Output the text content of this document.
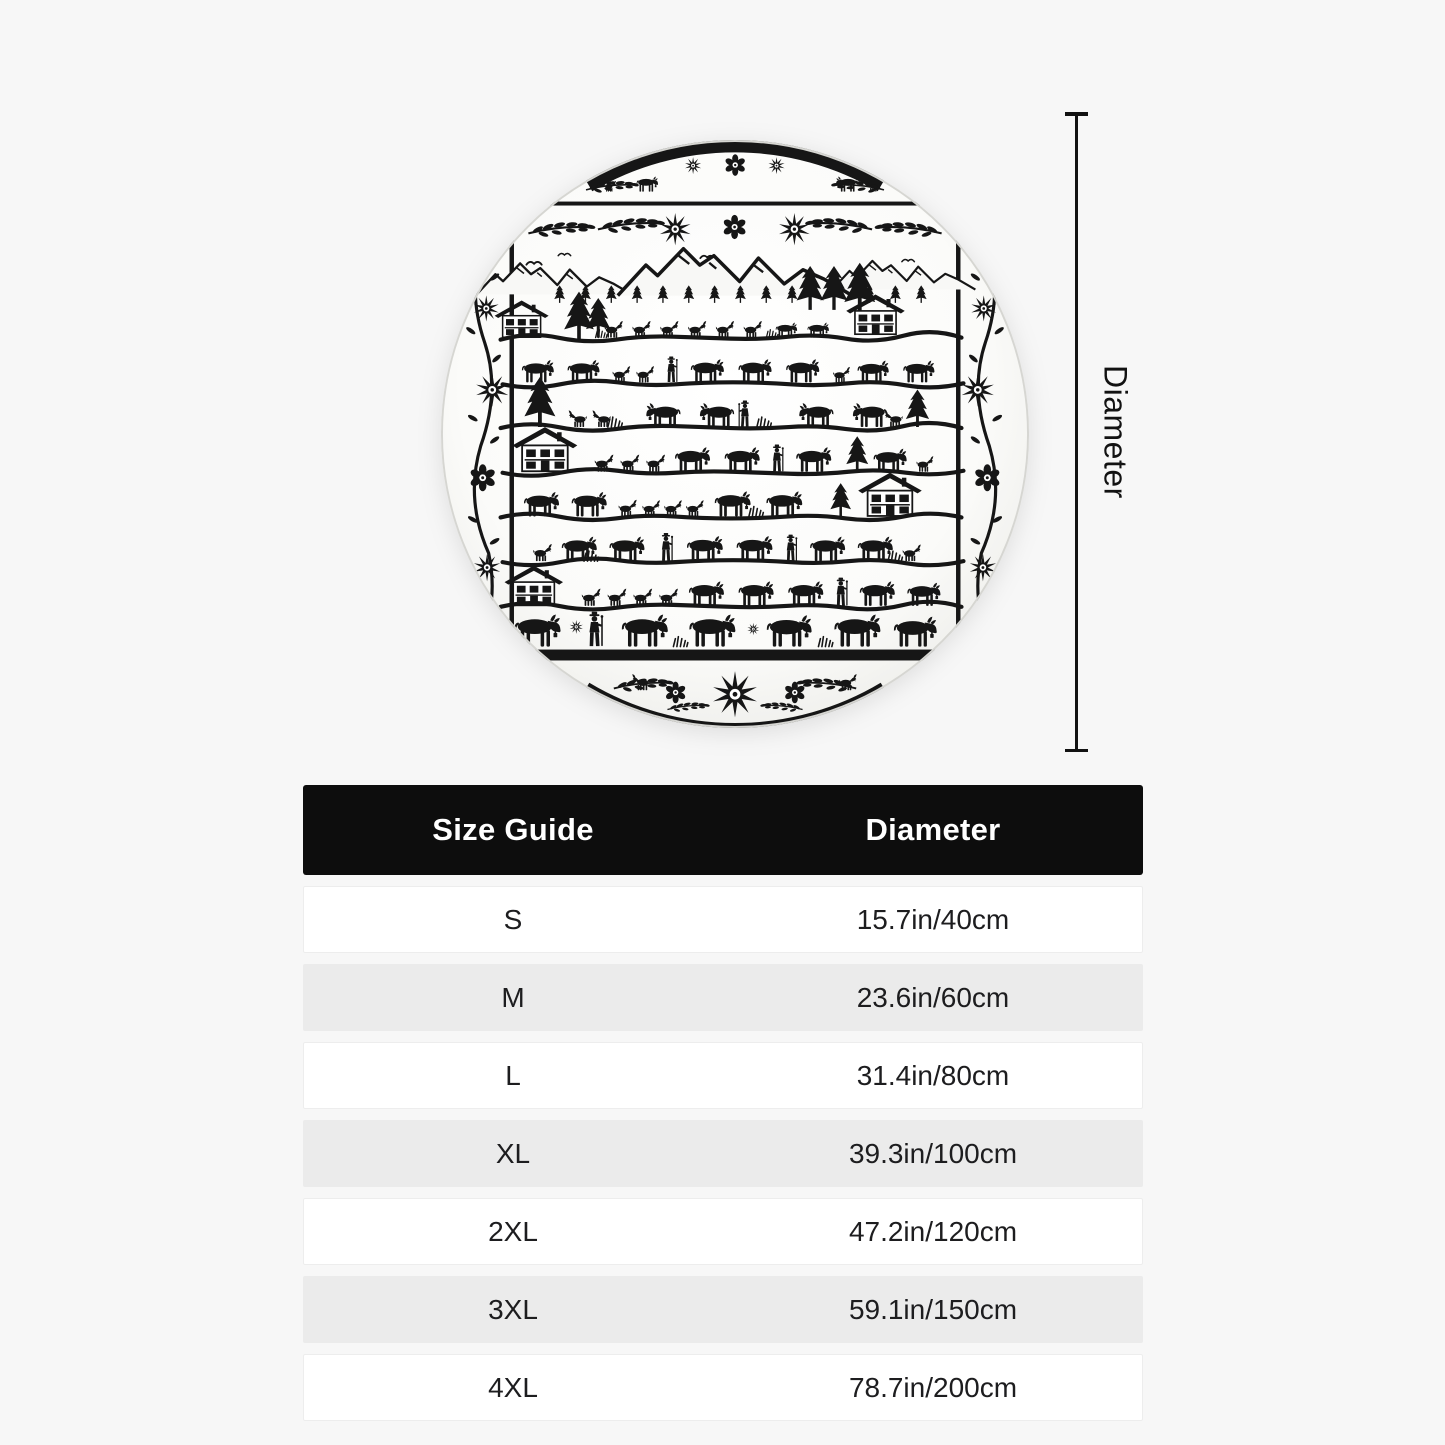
Diameter
Size Guide	Diameter
S	15.7in/40cm
M	23.6in/60cm
L	31.4in/80cm
XL	39.3in/100cm
2XL	47.2in/120cm
3XL	59.1in/150cm
4XL	78.7in/200cm
